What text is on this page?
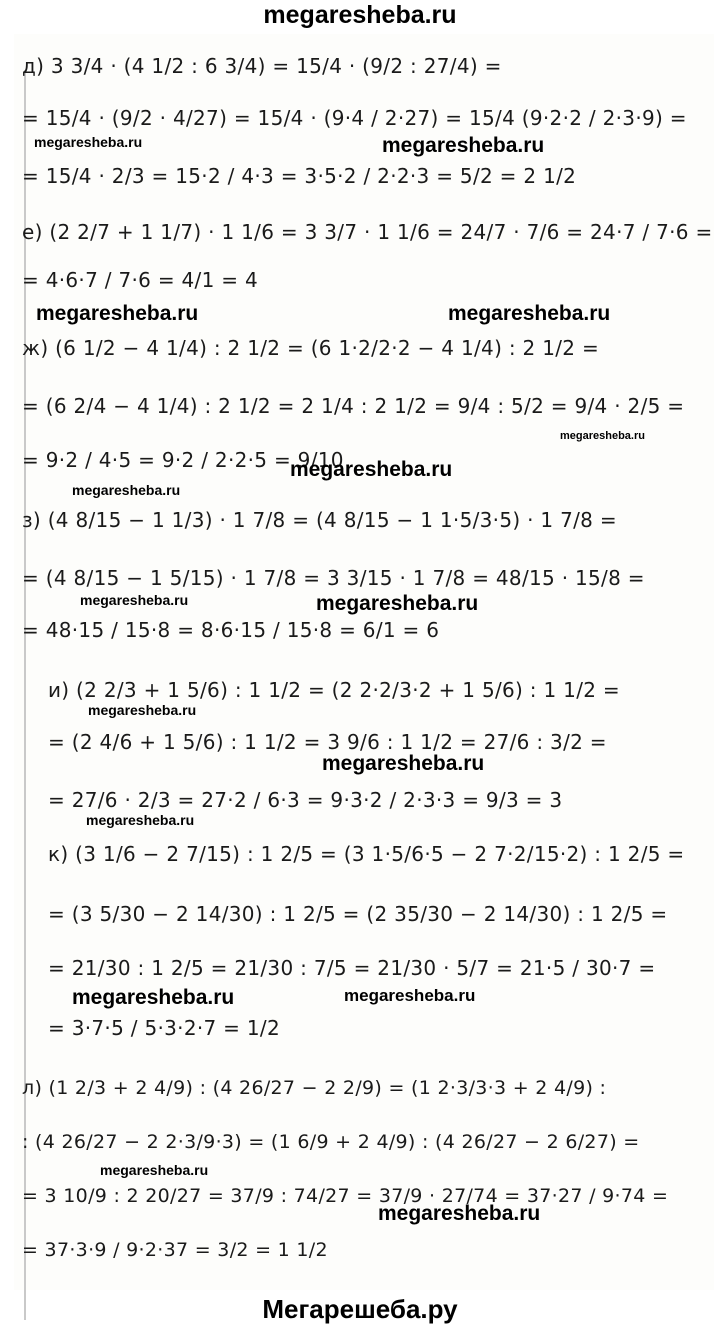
megaresheba.ru
д) 3 3/4 · (4 1/2 : 6 3/4) = 15/4 · (9/2 : 27/4) =
= 15/4 · (9/2 · 4/27) = 15/4 · (9·4 / 2·27) = 15/4 (9·2·2 / 2·3·9) =
= 15/4 · 2/3 = 15·2 / 4·3 = 3·5·2 / 2·2·3 = 5/2 = 2 1/2
е) (2 2/7 + 1 1/7) · 1 1/6 = 3 3/7 · 1 1/6 = 24/7 · 7/6 = 24·7 / 7·6 =
= 4·6·7 / 7·6 = 4/1 = 4
ж) (6 1/2 − 4 1/4) : 2 1/2 = (6 1·2/2·2 − 4 1/4) : 2 1/2 =
= (6 2/4 − 4 1/4) : 2 1/2 = 2 1/4 : 2 1/2 = 9/4 : 5/2 = 9/4 · 2/5 =
= 9·2 / 4·5 = 9·2 / 2·2·5 = 9/10
з) (4 8/15 − 1 1/3) · 1 7/8 = (4 8/15 − 1 1·5/3·5) · 1 7/8 =
= (4 8/15 − 1 5/15) · 1 7/8 = 3 3/15 · 1 7/8 = 48/15 · 15/8 =
= 48·15 / 15·8 = 8·6·15 / 15·8 = 6/1 = 6
и) (2 2/3 + 1 5/6) : 1 1/2 = (2 2·2/3·2 + 1 5/6) : 1 1/2 =
= (2 4/6 + 1 5/6) : 1 1/2 = 3 9/6 : 1 1/2 = 27/6 : 3/2 =
= 27/6 · 2/3 = 27·2 / 6·3 = 9·3·2 / 2·3·3 = 9/3 = 3
к) (3 1/6 − 2 7/15) : 1 2/5 = (3 1·5/6·5 − 2 7·2/15·2) : 1 2/5 =
= (3 5/30 − 2 14/30) : 1 2/5 = (2 35/30 − 2 14/30) : 1 2/5 =
= 21/30 : 1 2/5 = 21/30 : 7/5 = 21/30 · 5/7 = 21·5 / 30·7 =
= 3·7·5 / 5·3·2·7 = 1/2
л) (1 2/3 + 2 4/9) : (4 26/27 − 2 2/9) = (1 2·3/3·3 + 2 4/9) :
: (4 26/27 − 2 2·3/9·3) = (1 6/9 + 2 4/9) : (4 26/27 − 2 6/27) =
= 3 10/9 : 2 20/27 = 37/9 : 74/27 = 37/9 · 27/74 = 37·27 / 9·74 =
= 37·3·9 / 9·2·37 = 3/2 = 1 1/2
megaresheba.ru	megaresheba.ru
megaresheba.ru	megaresheba.ru
megaresheba.ru
megaresheba.ru
megaresheba.ru
megaresheba.ru
megaresheba.ru
megaresheba.ru
megaresheba.ru
megaresheba.ru
megaresheba.ru	megaresheba.ru
megaresheba.ru
megaresheba.ru
Мегарешеба.ру
